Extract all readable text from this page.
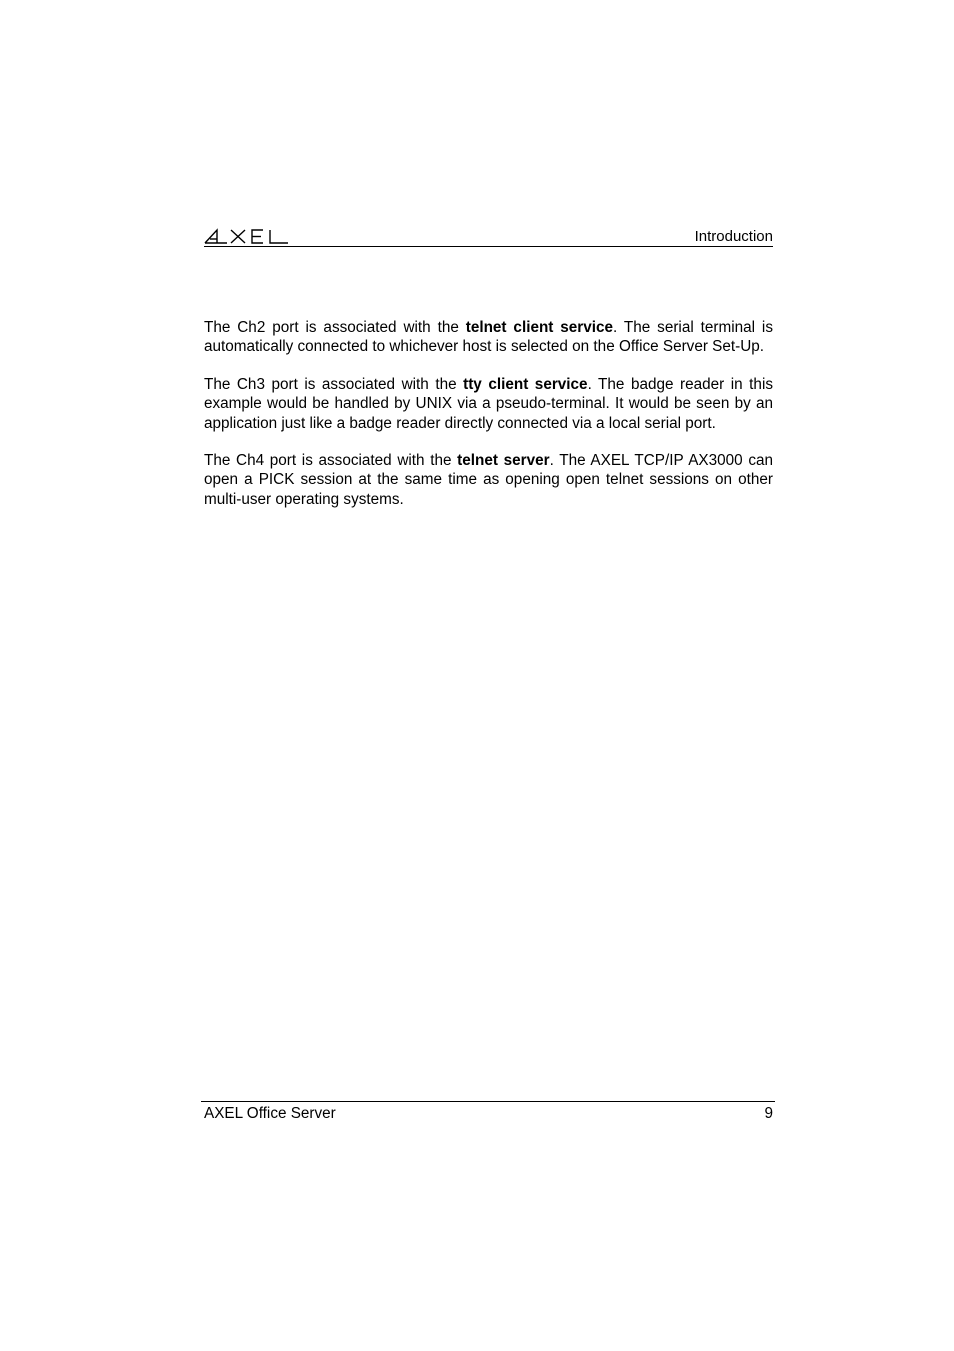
Introduction

The Ch2 port is associated with the telnet client service. The serial terminal is automatically connected to whichever host is selected on the Office Server Set-Up.

The Ch3 port is associated with the tty client service. The badge reader in this example would be handled by UNIX via a pseudo-terminal. It would be seen by an application just like a badge reader directly connected via a local serial port.

The Ch4 port is associated with the telnet server. The AXEL TCP/IP AX3000 can open a PICK session at the same time as opening open telnet sessions on other multi-user operating systems.

AXEL Office Server	9
